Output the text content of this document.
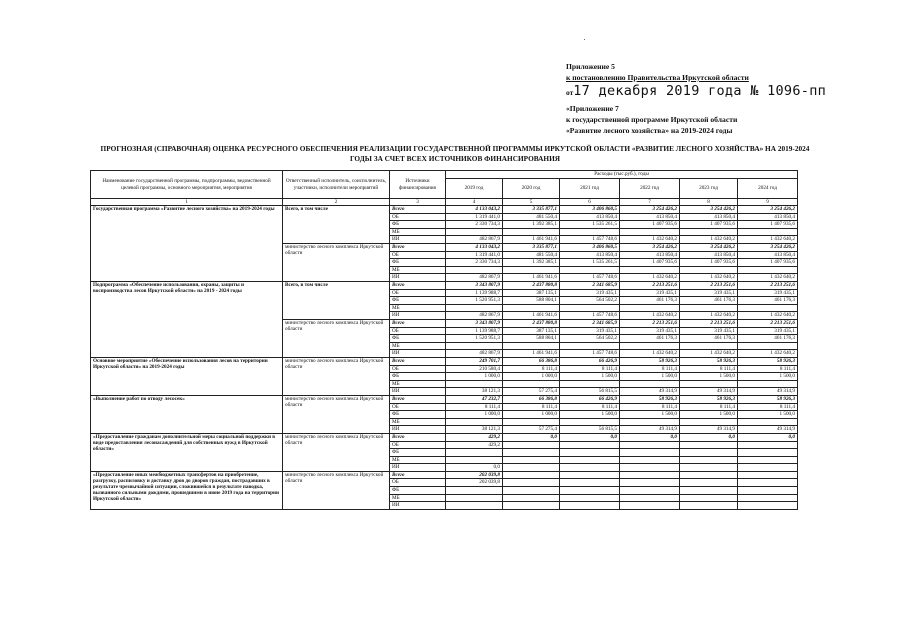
Приложение 5
к постановлению Правительства Иркутской области
от17 декабря 2019 года № 1096-пп
«Приложение 7
к государственной программе Иркутской области
«Развитие лесного хозяйства» на 2019-2024 годы
ПРОГНОЗНАЯ (СПРАВОЧНАЯ) ОЦЕНКА РЕСУРСНОГО ОБЕСПЕЧЕНИЯ РЕАЛИЗАЦИИ ГОСУДАРСТВЕННОЙ ПРОГРАММЫ ИРКУТСКОЙ ОБЛАСТИ «РАЗВИТИЕ ЛЕСНОГО ХОЗЯЙСТВА» НА 2019-2024 ГОДЫ ЗА СЧЕТ ВСЕХ ИСТОЧНИКОВ ФИНАНСИРОВАНИЯ
Наименование государственной программы, подпрограммы, ведомственной целевой программы, основного мероприятия, мероприятия	Ответственный исполнитель, соисполнитель, участники, исполнители мероприятий	Источники финансирования	Расходы (тыс.руб.), годы					
			2019 год	2020 год	2021 год	2022 год	2023 год	2024 год
1	2	3	4	5	6	7	8	9
Государственная программа «Развитие лесного хозяйства» на 2019-2024 годы	Всего, в том числе	Всего	4 133 043,2	3 335 877,1	3 406 860,5	3 254 426,2	3 254 426,2	3 254 426,2
		ОБ	1 319 441,0	481 550,4	413 850,4	413 850,4	413 850,4	413 850,4
		ФБ	2 330 734,3	1 392 385,1	1 535 261,5	1 407 935,6	1 407 935,6	1 407 935,6
		МБ						
		ИИ	482 867,9	1 461 941,6	1 457 748,6	1 432 640,2	1 432 640,2	1 432 640,2
	министерство лесного комплекса Иркутской области	Всего	4 133 043,2	3 335 877,1	3 406 860,5	3 254 426,2	3 254 426,2	3 254 426,2
		ОБ	1 319 441,0	481 550,4	413 850,4	413 850,4	413 850,4	413 850,4
		ФБ	2 330 734,3	1 392 385,1	1 535 261,5	1 407 935,6	1 407 935,6	1 407 935,6
		МБ						
		ИИ	482 867,9	1 461 941,6	1 457 748,6	1 432 640,2	1 432 640,2	1 432 640,2
Подпрограмма «Обеспечение использования, охраны, защиты и воспроизводства лесов Иркутской области» на 2019 - 2024 годы	Всего, в том числе	Всего	3 343 807,9	2 437 880,8	2 341 685,9	2 213 251,6	2 213 251,6	2 213 251,6
		ОБ	1 139 988,7	387 135,1	319 435,1	319 435,1	319 435,1	319 435,1
		ФБ	1 520 951,3	588 804,1	564 502,2	461 176,3	461 176,3	461 176,3
		МБ						
		ИИ	482 867,9	1 461 941,6	1 457 748,6	1 432 640,2	1 432 640,2	1 432 640,2
	министерство лесного комплекса Иркутской области	Всего	3 343 807,9	2 437 880,8	2 341 685,9	2 213 251,6	2 213 251,6	2 213 251,6
		ОБ	1 139 988,7	387 135,1	319 435,1	319 435,1	319 435,1	319 435,1
		ФБ	1 520 951,3	588 804,1	564 502,2	461 176,3	461 176,3	461 176,3
		МБ						
		ИИ	482 867,9	1 461 941,6	1 457 748,6	1 432 640,2	1 432 640,2	1 432 640,2
Основное мероприятие «Обеспечение использования лесов на территории Иркутской области» на 2019-2024 годы	министерство лесного комплекса Иркутской области	Всего	249 701,7	66 386,8	66 426,9	58 926,3	58 926,3	58 926,3
		ОБ	210 580,4	8 111,4	8 111,4	8 111,4	8 111,4	8 111,4
		ФБ	1 000,0	1 000,0	1 500,0	1 500,0	1 500,0	1 500,0
		МБ						
		ИИ	38 121,3	57 275,4	56 815,5	49 314,9	49 314,9	49 314,9
«Выполнение работ по отводу лесосек»	министерство лесного комплекса Иркутской области	Всего	47 232,7	66 386,8	66 426,9	58 926,3	58 926,3	58 926,3
		ОБ	8 111,4	8 111,4	8 111,4	8 111,4	8 111,4	8 111,4
		ФБ	1 000,0	1 000,0	1 500,0	1 500,0	1 500,0	1 500,0
		МБ						
		ИИ	38 121,3	57 275,4	56 815,5	49 314,9	49 314,9	49 314,9
«Предоставление гражданам дополнительной меры социальной поддержки в виде предоставления лесонасаждений для собственных нужд в Иркутской области»	министерство лесного комплекса Иркутской области	Всего	429,2	0,0	0,0	0,0	0,0	0,0
		ОБ	429,2					
		ФБ						
		МБ						
		ИИ	0,0					
«Предоставление иных межбюджетных трансфертов на приобретение, разгрузку, распиловку и доставку дров до дворов граждан, пострадавших в результате чрезвычайной ситуации, сложившейся в результате паводка, вызванного сильными дождями, прошедшими в июне 2019 года на территории Иркутской области»	министерство лесного комплекса Иркутской области	Всего	202 039,8					
		ОБ	202 039,8					
		ФБ						
		МБ						
		ИИ						
